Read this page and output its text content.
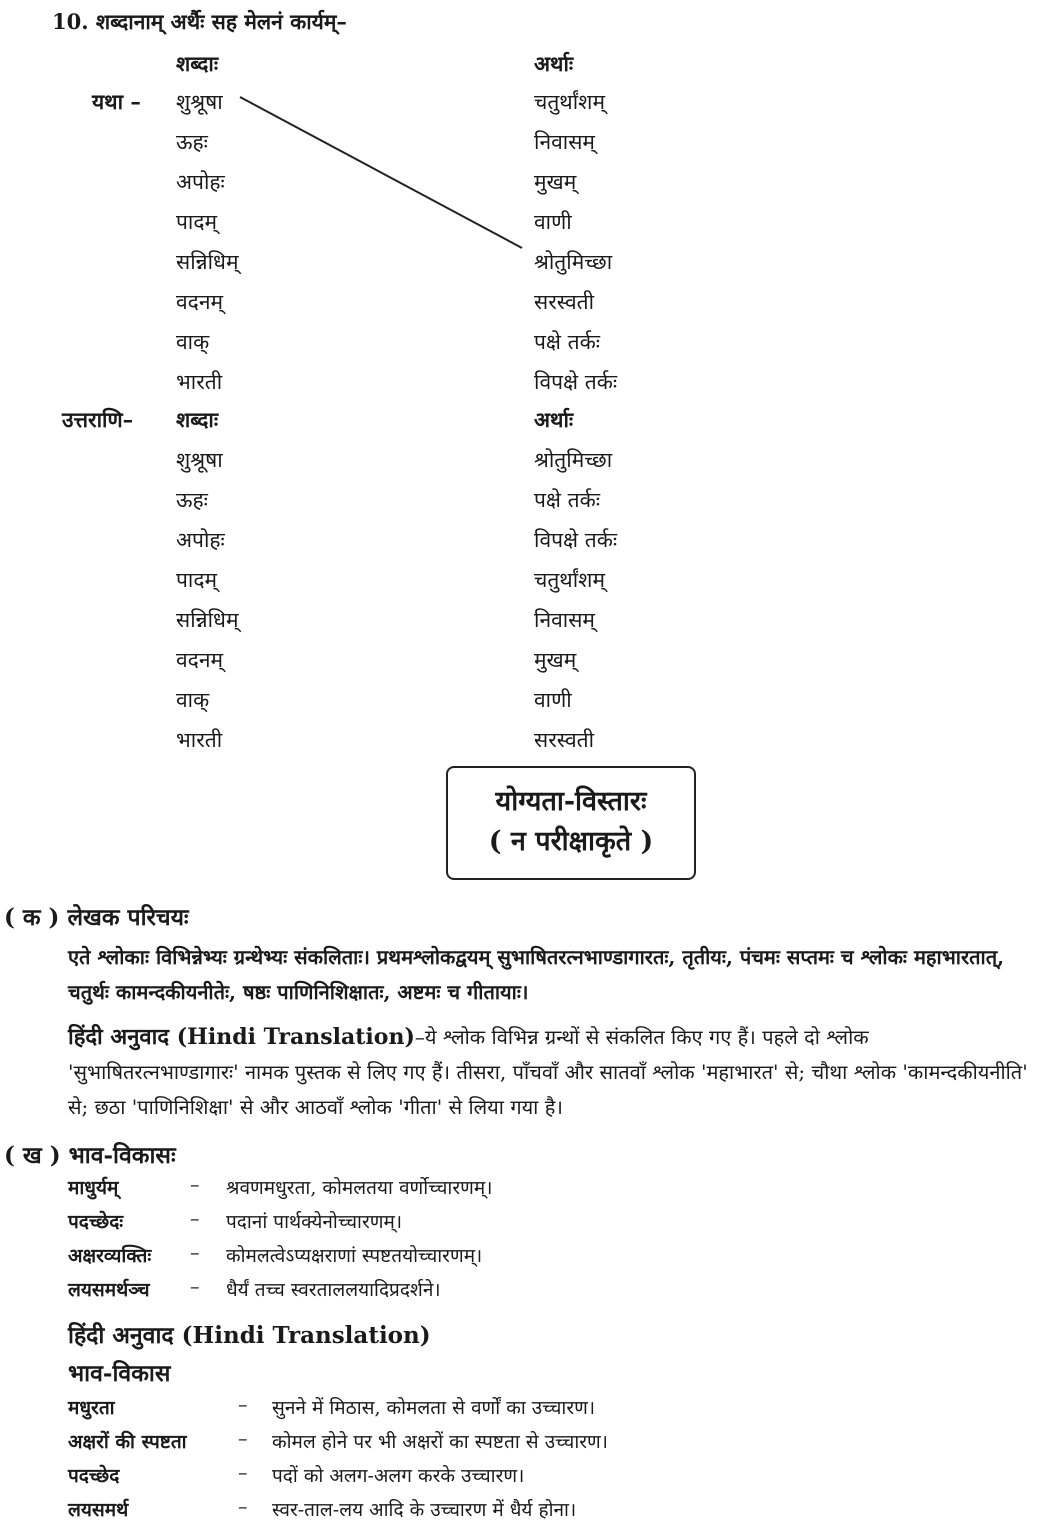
10. शब्दानाम् अर्थैः सह मेलनं कार्यम्–
शब्दाः	अर्थाः
यथा – शुश्रूषा	चतुर्थांशम्
ऊहः	निवासम्
अपोहः	मुखम्
पादम्	वाणी
सन्निधिम्	श्रोतुमिच्छा
वदनम्	सरस्वती
वाक्	पक्षे तर्कः
भारती	विपक्षे तर्कः
उत्तराणि– शब्दाः	अर्थाः
शुश्रूषा	श्रोतुमिच्छा
ऊहः	पक्षे तर्कः
अपोहः	विपक्षे तर्कः
पादम्	चतुर्थांशम्
सन्निधिम्	निवासम्
वदनम्	मुखम्
वाक्	वाणी
भारती	सरस्वती
योग्यता-विस्तारः
( न परीक्षाकृते )
( क ) लेखक परिचयः
एते श्लोकाः विभिन्नेभ्यः ग्रन्थेभ्यः संकलिताः। प्रथमश्लोकद्वयम् सुभाषितरत्नभाण्डागारतः, तृतीयः, पंचमः सप्तमः च श्लोकः महाभारतात्, चतुर्थः कामन्दकीयनीतेः, षष्ठः पाणिनिशिक्षातः, अष्टमः च गीतायाः।
हिंदी अनुवाद (Hindi Translation)–ये श्लोक विभिन्न ग्रन्थों से संकलित किए गए हैं। पहले दो श्लोक 'सुभाषितरत्नभाण्डागारः' नामक पुस्तक से लिए गए हैं। तीसरा, पाँचवाँ और सातवाँ श्लोक 'महाभारत' से; चौथा श्लोक 'कामन्दकीयनीति' से; छठा 'पाणिनिशिक्षा' से और आठवाँ श्लोक 'गीता' से लिया गया है।
( ख ) भाव-विकासः
माधुर्यम्	– श्रवणमधुरता, कोमलतया वर्णोच्चारणम्।
पदच्छेदः	– पदानां पार्थक्येनोच्चारणम्।
अक्षरव्यक्तिः – कोमलत्वेऽप्यक्षराणां स्पष्टतयोच्चारणम्।
लयसमर्थञ्च – धैर्यं तच्च स्वरताललयादिप्रदर्शने।
हिंदी अनुवाद (Hindi Translation)
भाव-विकास
मधुरता	– सुनने में मिठास, कोमलता से वर्णों का उच्चारण।
अक्षरों की स्पष्टता	– कोमल होने पर भी अक्षरों का स्पष्टता से उच्चारण।
पदच्छेद	– पदों को अलग-अलग करके उच्चारण।
लयसमर्थ	– स्वर-ताल-लय आदि के उच्चारण में धैर्य होना।
